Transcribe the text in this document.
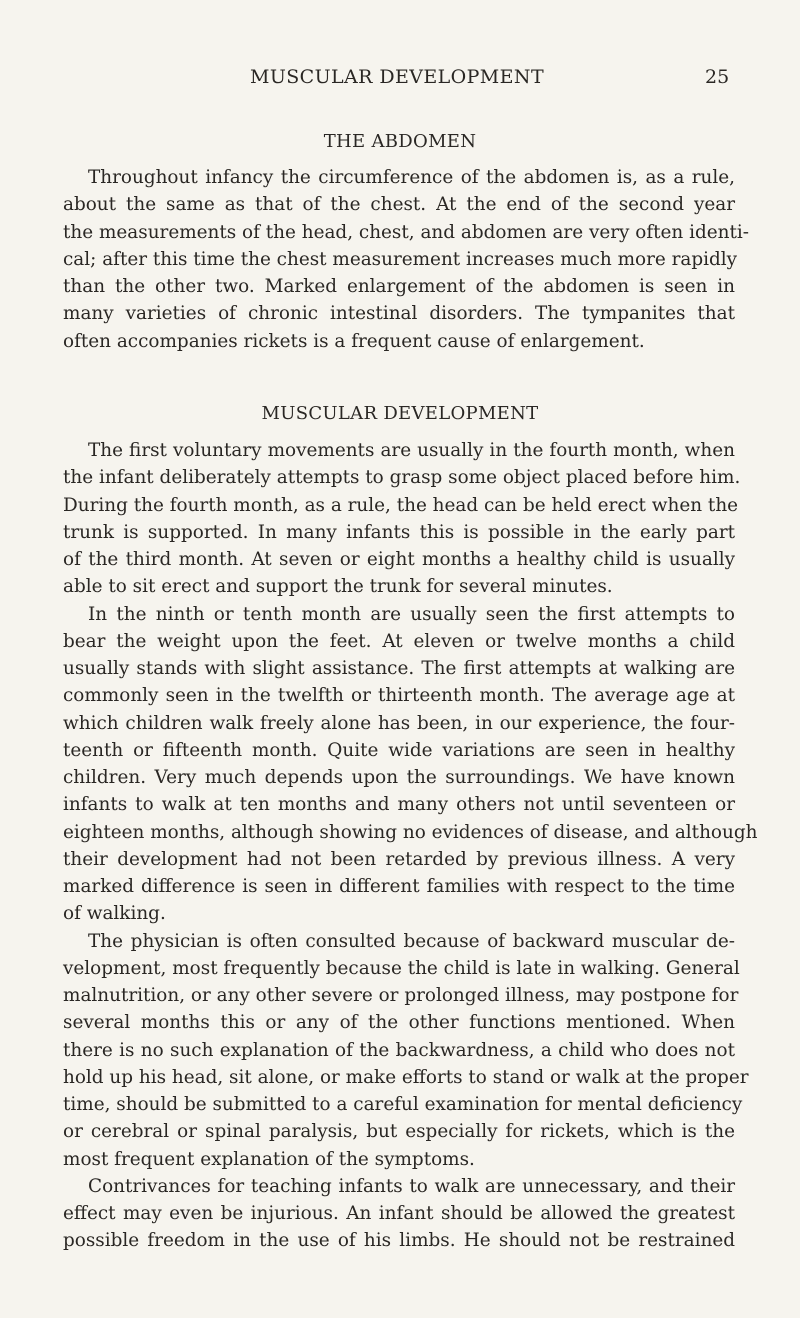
MUSCULAR DEVELOPMENT	25
THE ABDOMEN
Throughout infancy the circumference of the abdomen is, as a rule,
about the same as that of the chest. At the end of the second year
the measurements of the head, chest, and abdomen are very often identi-
cal; after this time the chest measurement increases much more rapidly
than the other two. Marked enlargement of the abdomen is seen in
many varieties of chronic intestinal disorders. The tympanites that
often accompanies rickets is a frequent cause of enlargement.
MUSCULAR DEVELOPMENT
The first voluntary movements are usually in the fourth month, when
the infant deliberately attempts to grasp some object placed before him.
During the fourth month, as a rule, the head can be held erect when the
trunk is supported. In many infants this is possible in the early part
of the third month. At seven or eight months a healthy child is usually
able to sit erect and support the trunk for several minutes.
In the ninth or tenth month are usually seen the first attempts to
bear the weight upon the feet. At eleven or twelve months a child
usually stands with slight assistance. The first attempts at walking are
commonly seen in the twelfth or thirteenth month. The average age at
which children walk freely alone has been, in our experience, the four-
teenth or fifteenth month. Quite wide variations are seen in healthy
children. Very much depends upon the surroundings. We have known
infants to walk at ten months and many others not until seventeen or
eighteen months, although showing no evidences of disease, and although
their development had not been retarded by previous illness. A very
marked difference is seen in different families with respect to the time
of walking.
The physician is often consulted because of backward muscular de-
velopment, most frequently because the child is late in walking. General
malnutrition, or any other severe or prolonged illness, may postpone for
several months this or any of the other functions mentioned. When
there is no such explanation of the backwardness, a child who does not
hold up his head, sit alone, or make efforts to stand or walk at the proper
time, should be submitted to a careful examination for mental deficiency
or cerebral or spinal paralysis, but especially for rickets, which is the
most frequent explanation of the symptoms.
Contrivances for teaching infants to walk are unnecessary, and their
effect may even be injurious. An infant should be allowed the greatest
possible freedom in the use of his limbs. He should not be restrained
